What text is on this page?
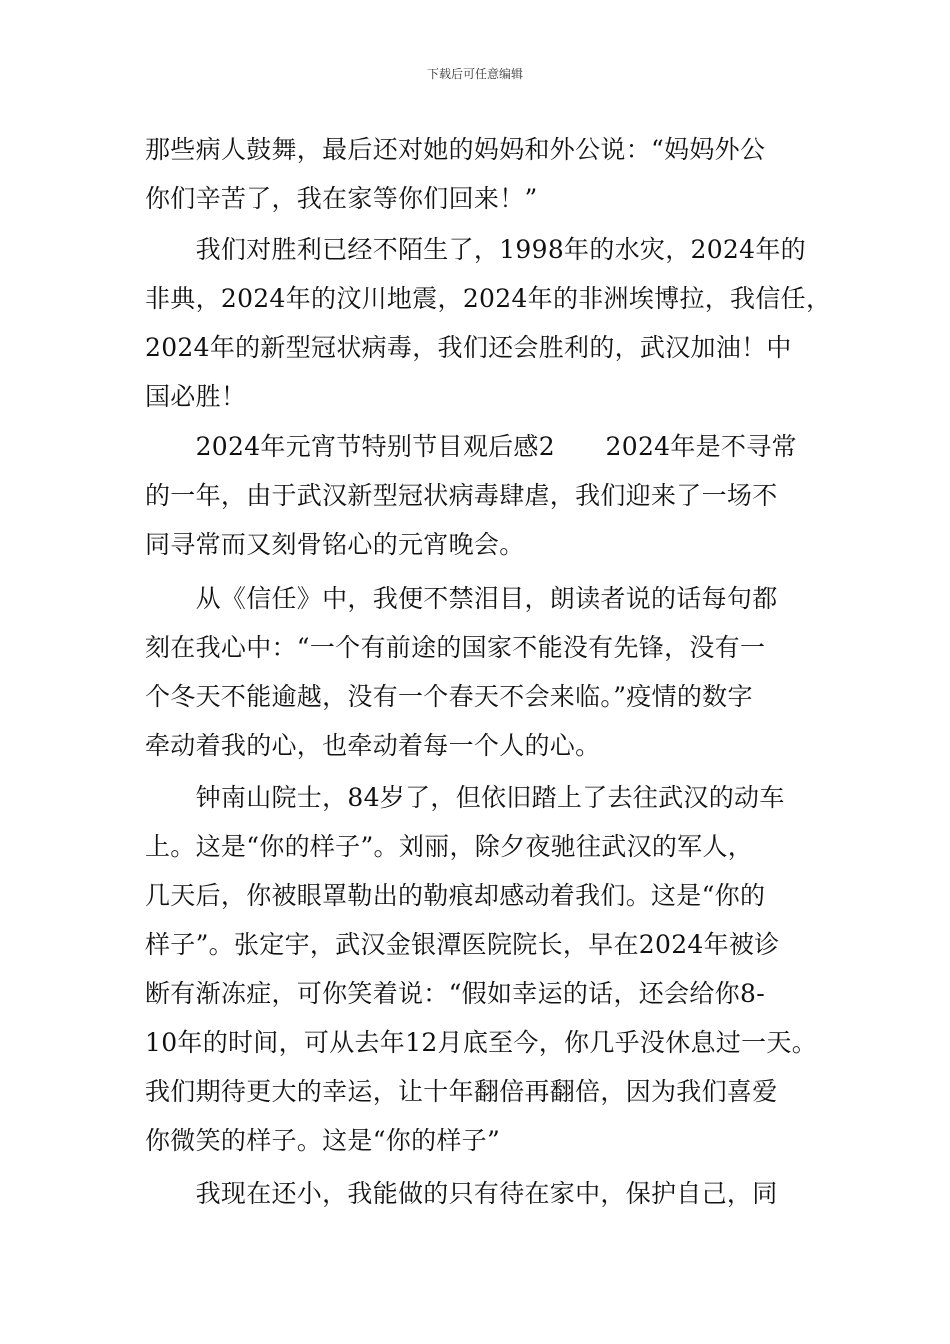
下载后可任意编辑
那些病人鼓舞，最后还对她的妈妈和外公说：“妈妈外公
你们辛苦了，我在家等你们回来！”
　　我们对胜利已经不陌生了，1998年的水灾，2024年的
非典，2024年的汶川地震，2024年的非洲埃博拉，我信任，
2024年的新型冠状病毒，我们还会胜利的，武汉加油！中
国必胜！
　　2024年元宵节特别节目观后感2　　2024年是不寻常
的一年，由于武汉新型冠状病毒肆虐，我们迎来了一场不
同寻常而又刻骨铭心的元宵晚会。
　　从《信任》中，我便不禁泪目，朗读者说的话每句都
刻在我心中：“一个有前途的国家不能没有先锋，没有一
个冬天不能逾越，没有一个春天不会来临。”疫情的数字
牵动着我的心，也牵动着每一个人的心。
　　钟南山院士，84岁了，但依旧踏上了去往武汉的动车
上。这是“你的样子”。刘丽，除夕夜驰往武汉的军人，
几天后，你被眼罩勒出的勒痕却感动着我们。这是“你的
样子”。张定宇，武汉金银潭医院院长，早在2024年被诊
断有渐冻症，可你笑着说：“假如幸运的话，还会给你8-
10年的时间，可从去年12月底至今，你几乎没休息过一天。
我们期待更大的幸运，让十年翻倍再翻倍，因为我们喜爱
你微笑的样子。这是“你的样子”
　　我现在还小，我能做的只有待在家中，保护自己，同
